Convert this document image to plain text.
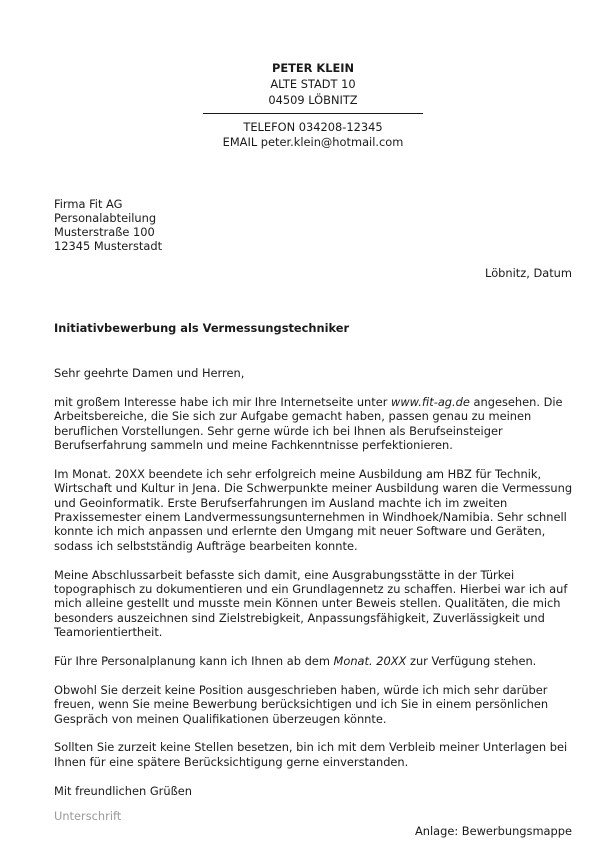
PETER KLEIN
ALTE STADT 10
04509 LÖBNITZ
TELEFON 034208-12345
EMAIL peter.klein@hotmail.com
Firma Fit AG
Personalabteilung
Musterstraße 100
12345 Musterstadt
Löbnitz, Datum
Initiativbewerbung als Vermessungstechniker

Sehr geehrte Damen und Herren,

mit großem Interesse habe ich mir Ihre Internetseite unter www.fit-ag.de angesehen. Die Arbeitsbereiche, die Sie sich zur Aufgabe gemacht haben, passen genau zu meinen beruflichen Vorstellungen. Sehr gerne würde ich bei Ihnen als Berufseinsteiger Berufserfahrung sammeln und meine Fachkenntnisse perfektionieren.

Im Monat. 20XX beendete ich sehr erfolgreich meine Ausbildung am HBZ für Technik, Wirtschaft und Kultur in Jena. Die Schwerpunkte meiner Ausbildung waren die Vermessung und Geoinformatik. Erste Berufserfahrungen im Ausland machte ich im zweiten Praxissemester einem Landvermessungsunternehmen in Windhoek/Namibia. Sehr schnell konnte ich mich anpassen und erlernte den Umgang mit neuer Software und Geräten, sodass ich selbstständig Aufträge bearbeiten konnte.

Meine Abschlussarbeit befasste sich damit, eine Ausgrabungsstätte in der Türkei topographisch zu dokumentieren und ein Grundlagennetz zu schaffen. Hierbei war ich auf mich alleine gestellt und musste mein Können unter Beweis stellen. Qualitäten, die mich besonders auszeichnen sind Zielstrebigkeit, Anpassungsfähigkeit, Zuverlässigkeit und Teamorientiertheit.

Für Ihre Personalplanung kann ich Ihnen ab dem Monat. 20XX zur Verfügung stehen.

Obwohl Sie derzeit keine Position ausgeschrieben haben, würde ich mich sehr darüber freuen, wenn Sie meine Bewerbung berücksichtigen und ich Sie in einem persönlichen Gespräch von meinen Qualifikationen überzeugen könnte.

Sollten Sie zurzeit keine Stellen besetzen, bin ich mit dem Verbleib meiner Unterlagen bei Ihnen für eine spätere Berücksichtigung gerne einverstanden.

Mit freundlichen Grüßen

Unterschrift
Anlage: Bewerbungsmappe
